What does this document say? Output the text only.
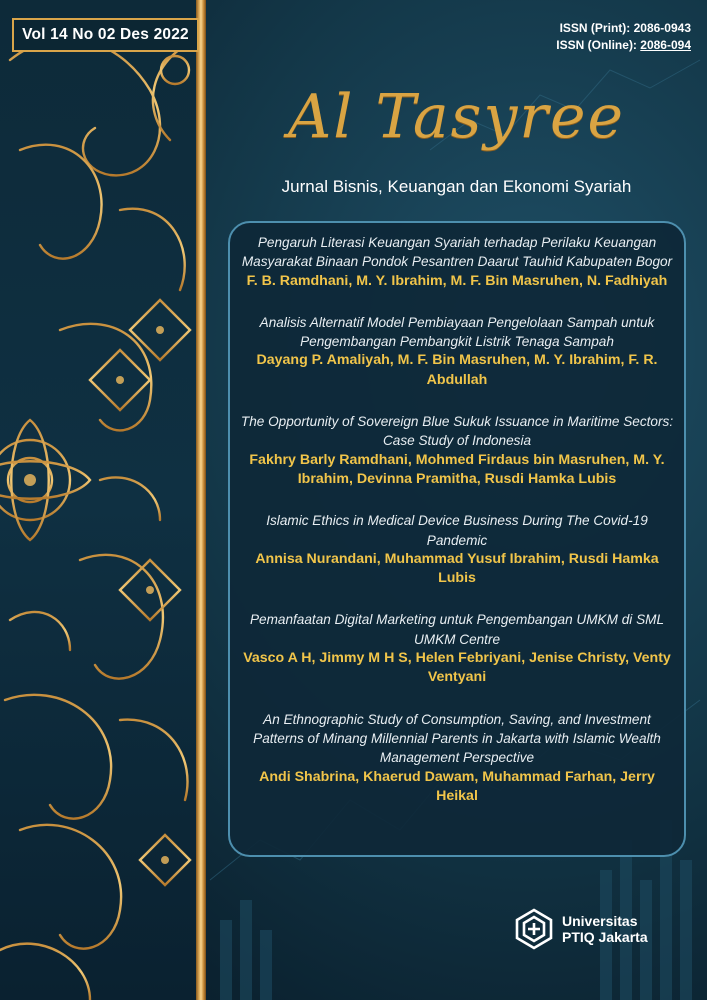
Vol 14 No 02 Des 2022	ISSN (Print): 2086-0943
ISSN (Online): 2086-094
Al Tasyree
Jurnal Bisnis, Keuangan dan Ekonomi Syariah
Pengaruh Literasi Keuangan Syariah terhadap Perilaku Keuangan Masyarakat Binaan Pondok Pesantren Daarut Tauhid Kabupaten Bogor
F. B. Ramdhani, M. Y. Ibrahim, M. F. Bin Masruhen, N. Fadhiyah
Analisis Alternatif Model Pembiayaan Pengelolaan Sampah untuk Pengembangan Pembangkit Listrik Tenaga Sampah
Dayang P. Amaliyah, M. F. Bin Masruhen, M. Y. Ibrahim, F. R. Abdullah
The Opportunity of Sovereign Blue Sukuk Issuance in Maritime Sectors: Case Study of Indonesia
Fakhry Barly Ramdhani, Mohmed Firdaus bin Masruhen, M. Y. Ibrahim, Devinna Pramitha, Rusdi Hamka Lubis
Islamic Ethics in Medical Device Business During The Covid-19 Pandemic
Annisa Nurandani, Muhammad Yusuf Ibrahim, Rusdi Hamka Lubis
Pemanfaatan Digital Marketing untuk Pengembangan UMKM di SML UMKM Centre
Vasco A H, Jimmy M H S, Helen Febriyani, Jenise Christy, Venty Ventyani
An Ethnographic Study of Consumption, Saving, and Investment Patterns of Minang Millennial Parents in Jakarta with Islamic Wealth Management Perspective
Andi Shabrina, Khaerud Dawam, Muhammad Farhan, Jerry Heikal
Universitas
PTIQ Jakarta
